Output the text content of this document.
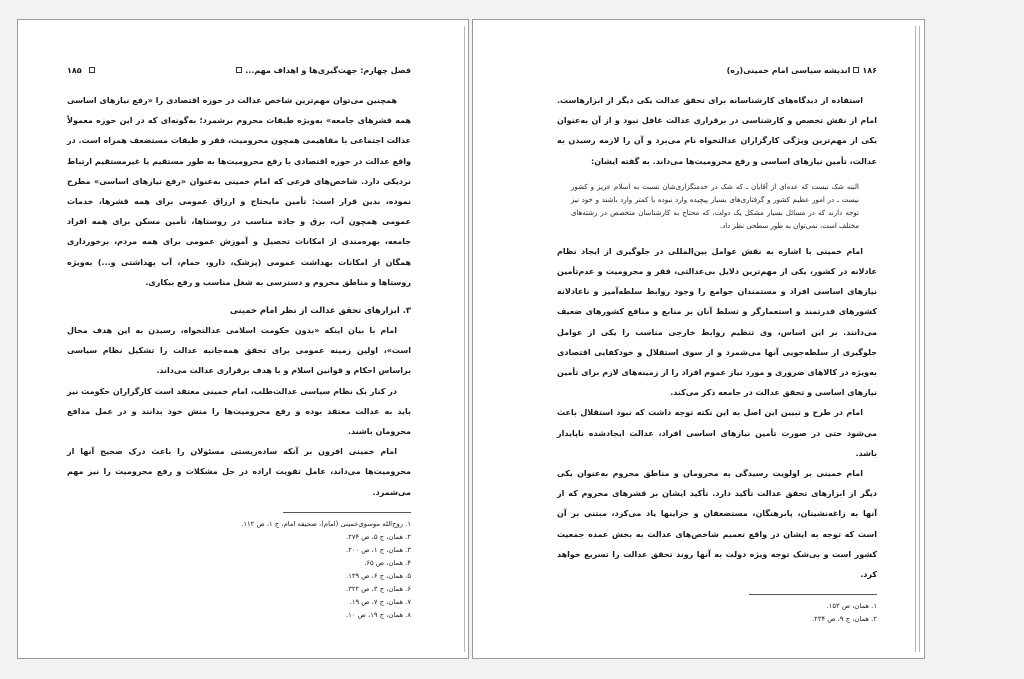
فصل چهارم: جهت‌گیری‌ها و اهداف مهم...
۱۸۵

همچنین می‌توان مهم‌ترین شاخص عدالت در حوزه اقتصادی را «رفع نیازهای اساسی همه قشرهای جامعه» به‌ویژه طبقات محروم برشمرد؛ به‌گونه‌ای که در این حوزه معمولاً عدالت اجتماعی با مفاهیمی همچون محرومیت، فقر و طبقات مستضعف همراه است. در واقع عدالت در حوزه اقتصادی با رفع محرومیت‌ها به طور مستقیم یا غیرمستقیم ارتباط نزدیکی دارد. شاخص‌های فرعی که امام خمینی به‌عنوان «رفع نیازهای اساسی» مطرح نموده، بدین قرار است: تأمین مایحتاج و ارزاق عمومی برای همه قشرها، خدمات عمومی همچون آب، برق و جاده مناسب در روستاها، تأمین مسکن برای همه افراد جامعه، بهره‌مندی از امکانات تحصیل و آموزش عمومی برای همه مردم، برخورداری همگان از امکانات بهداشت عمومی (پزشک، دارو، حمام، آب بهداشتی و...) به‌ویژه روستاها و مناطق محروم و دسترسی به شغل مناسب و رفع بیکاری.

۳. ابزارهای تحقق عدالت از نظر امام خمینی

امام با بیان اینکه «بدون حکومت اسلامی عدالتخواه، رسیدن به این هدف محال است»، اولین زمینه عمومی برای تحقق همه‌جانبه عدالت را تشکیل نظام سیاسی براساس احکام و قوانین اسلام و با هدف برقراری عدالت می‌داند.

در کنار یک نظام سیاسی عدالت‌طلب، امام خمینی معتقد است کارگزاران حکومت نیز باید به عدالت معتقد بوده و رفع محرومیت‌ها را منش خود بدانند و در عمل مدافع محرومان باشند.

امام خمینی افزون بر آنکه ساده‌زیستی مسئولان را باعث درک صحیح آنها از محرومیت‌ها می‌داند، عامل تقویت اراده در حل مشکلات و رفع محرومیت را نیز مهم می‌شمرد.

۱. روح‌الله موسوی‌خمینی (امام)، صحیفه امام، ج ۱، ص ۱۱۲.
۲. همان، ج ۵، ص ۲۷۴.
۳. همان، ج ۱، ص ۲۰۰.
۴. همان، ص ۶۵.
۵. همان، ج ۶، ص ۱۳۹.
۶. همان، ج ۳، ص ۳۲۲.
۷. همان، ج ۷، ص ۱۹.
۸. همان، ج ۱۹، ص ۱۰.
۱۸۶اندیشه سیاسی امام خمینی(ره)

استفاده از دیدگاه‌های کارشناسانه برای تحقق عدالت یکی دیگر از ابزارهاست. امام از نقش تخصص و کارشناسی در برقراری عدالت غافل نبود و از آن به‌عنوان یکی از مهم‌ترین ویژگی کارگزاران عدالتخواه نام می‌برد و آن را لازمه رسیدن به عدالت، تأمین نیازهای اساسی و رفع محرومیت‌ها می‌داند. به گفته ایشان:

البته شک نیست که عده‌ای از آقایان ـ که شک در خدمتگزاری‌شان نسبت به اسلام عزیز و کشور نیست ـ در امور عظیم کشور و گرفتاری‌های بسیار پیچیده وارد نبوده یا کمتر وارد باشند و خود نیز توجه دارند که در مسائل بسیار مشکل یک دولت، که محتاج به کارشناسان متخصص در رشته‌های مختلف است، نمی‌توان به طور سطحی نظر داد.

امام خمینی با اشاره به نقش عوامل بین‌المللی در جلوگیری از ایجاد نظام عادلانه در کشور، یکی از مهم‌ترین دلایل بی‌عدالتی، فقر و محرومیت و عدم‌تأمین نیازهای اساسی افراد و مستمندان جوامع را وجود روابط سلطه‌آمیز و ناعادلانه کشورهای قدرتمند و استعمارگر و تسلط آنان بر منابع و منافع کشورهای ضعیف می‌دانند. بر این اساس، وی تنظیم روابط خارجی مناسب را یکی از عوامل جلوگیری از سلطه‌جویی آنها می‌شمرد و از سوی استقلال و خودکفایی اقتصادی به‌ویژه در کالاهای ضروری و مورد نیاز عموم افراد را از زمینه‌های لازم برای تأمین نیازهای اساسی و تحقق عدالت در جامعه ذکر می‌کند.

امام در طرح و تبیین این اصل به این نکته توجه داشت که نبود استقلال باعث می‌شود حتی در صورت تأمین نیازهای اساسی افراد، عدالت ایجادشده ناپایدار باشد.

امام خمینی بر اولویت رسیدگی به محرومان و مناطق محروم به‌عنوان یکی دیگر از ابزارهای تحقق عدالت تأکید دارد. تأکید ایشان بر قشرهای محروم که از آنها به زاغه‌نشینان، پابرهنگان، مستضعفان و جزاینها یاد می‌کرد، مبتنی بر آن است که توجه به ایشان در واقع تعمیم شاخص‌های عدالت به بخش عمده جمعیت کشور است و بی‌شک توجه ویژه دولت به آنها روند تحقق عدالت را تسریع خواهد کرد.

۱. همان، ص ۱۵۳.
۲. همان، ج ۹، ص ۲۳۴.
